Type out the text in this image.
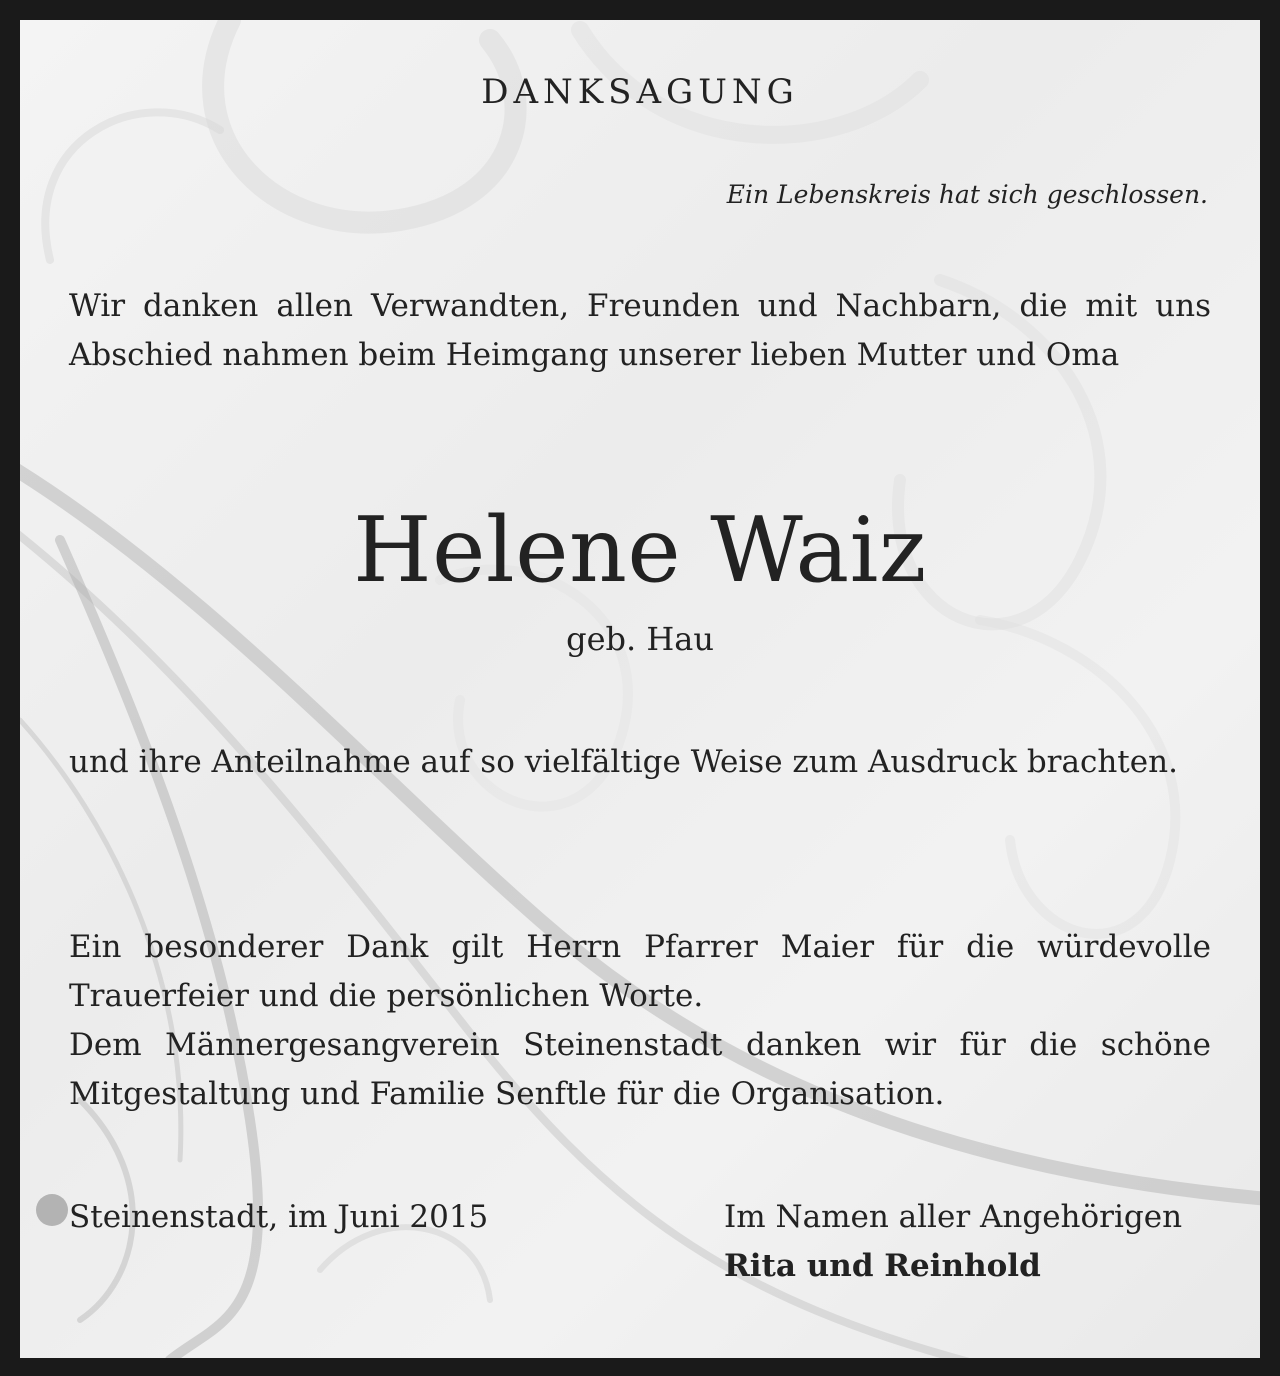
DANKSAGUNG
Ein Lebenskreis hat sich geschlossen.
Wir danken allen Verwandten, Freunden und Nachbarn, die mit uns Abschied nahmen beim Heimgang unserer lieben Mutter und Oma
Helene Waiz
geb. Hau
und ihre Anteilnahme auf so vielfältige Weise zum Ausdruck brachten.
Ein besonderer Dank gilt Herrn Pfarrer Maier für die würdevolle Trauerfeier und die persönlichen Worte.
Dem Männergesangverein Steinenstadt danken wir für die schöne Mitgestaltung und Familie Senftle für die Organisation.
Steinenstadt, im Juni 2015	Im Namen aller Angehörigen
Rita und Reinhold
